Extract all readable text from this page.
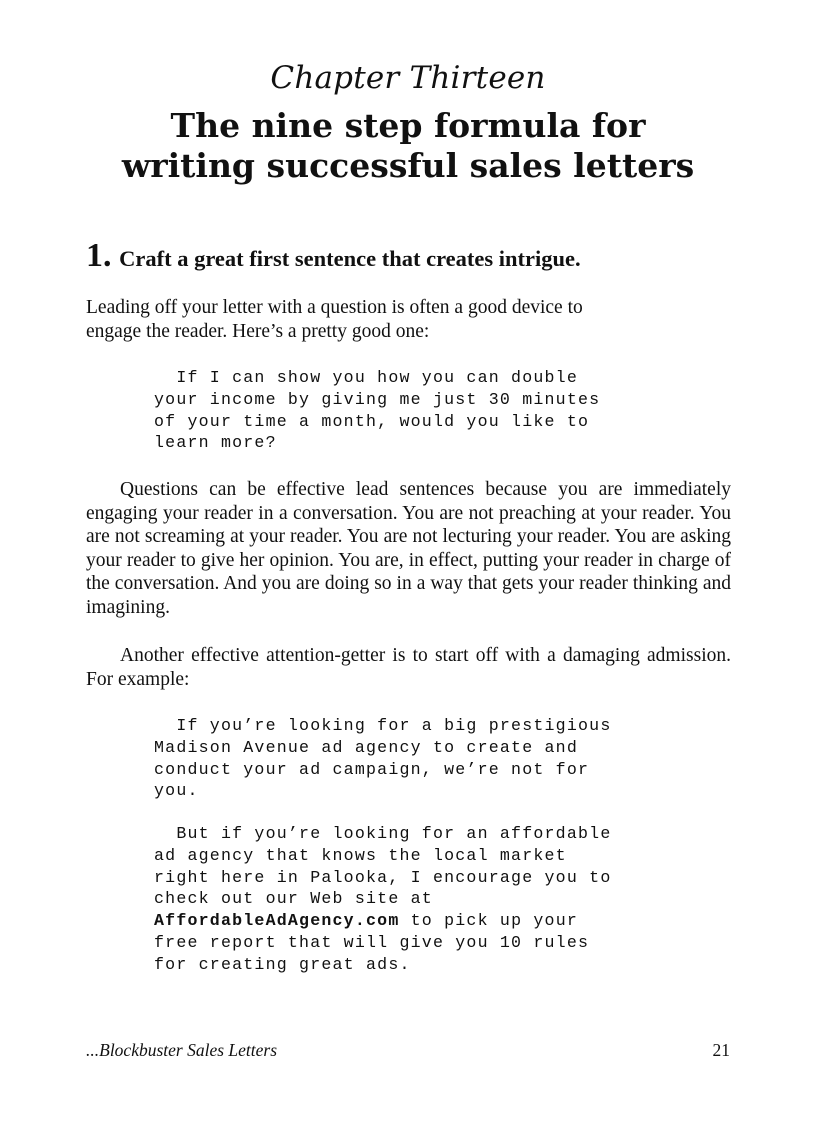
Chapter Thirteen
The nine step formula for
writing successful sales letters
1. Craft a great first sentence that creates intrigue.

Leading off your letter with a question is often a good device to
engage the reader. Here’s a pretty good one:

If I can show you how you can double
your income by giving me just 30 minutes
of your time a month, would you like to
learn more?

Questions can be effective lead sentences because you are immediately engaging your reader in a conversation. You are not preaching at your reader. You are not screaming at your reader. You are not lecturing your reader. You are asking your reader to give her opinion. You are, in effect, putting your reader in charge of the conversation. And you are doing so in a way that gets your reader thinking and imagining.

Another effective attention-getter is to start off with a damaging admission. For example:

If you’re looking for a big prestigious
Madison Avenue ad agency to create and
conduct your ad campaign, we’re not for
you.
But if you’re looking for an affordable
ad agency that knows the local market
right here in Palooka, I encourage you to
check out our Web site at
AffordableAdAgency.com to pick up your
free report that will give you 10 rules
for creating great ads.
...Blockbuster Sales Letters	21
